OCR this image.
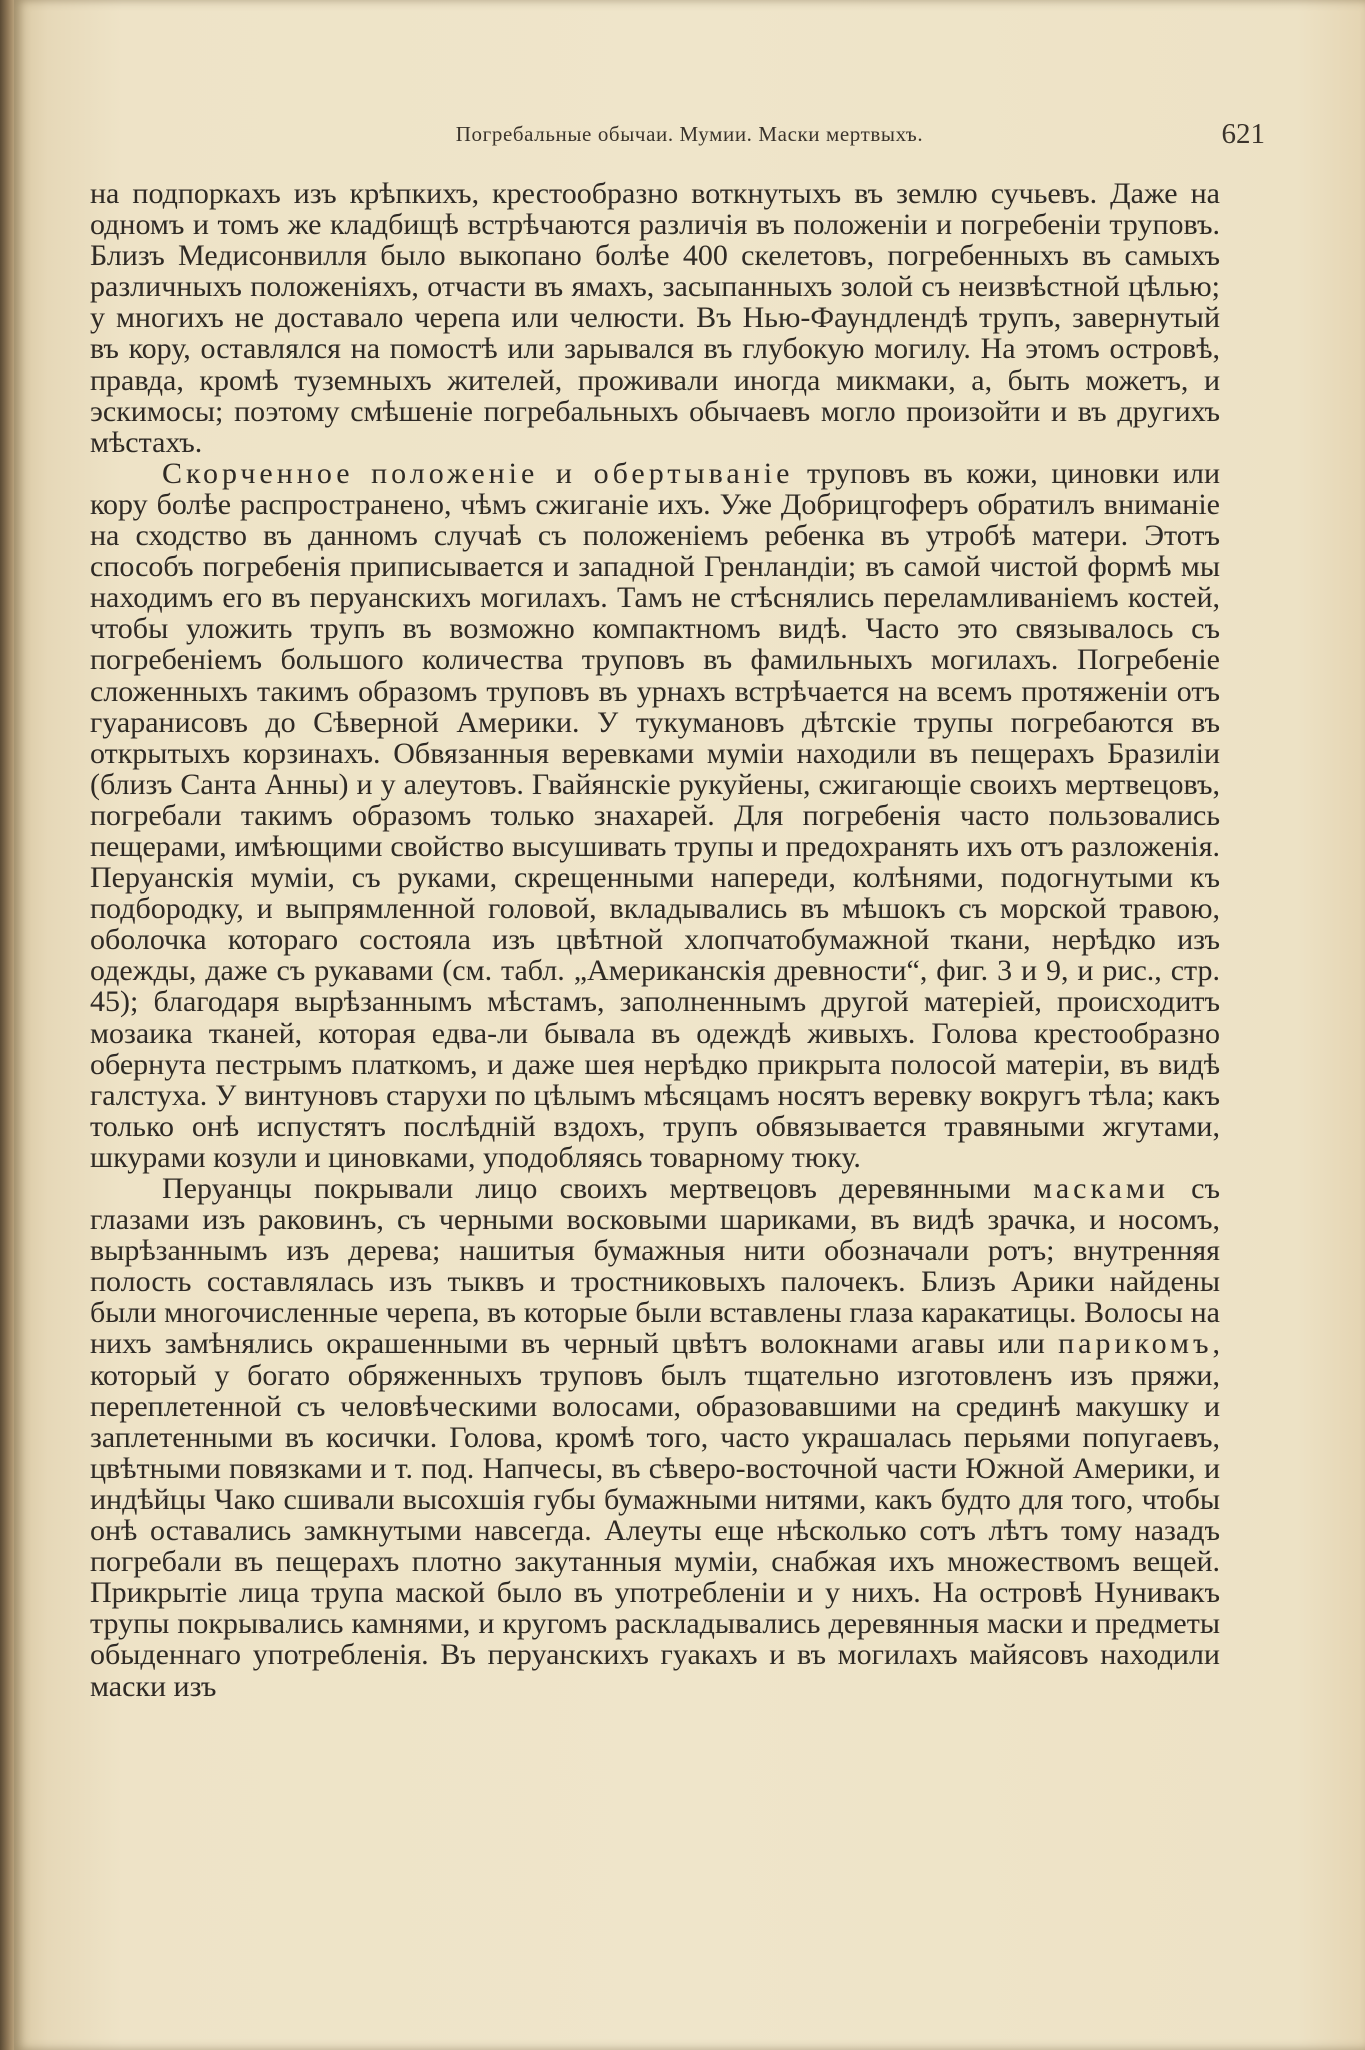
Погребальные обычаи. Мумии. Маски мертвыхъ.	621

на подпоркахъ изъ крѣпкихъ, крестообразно воткнутыхъ въ землю сучьевъ. Даже на одномъ и томъ же кладбищѣ встрѣчаются различія въ положеніи и погребеніи труповъ. Близъ Медисонвилля было выкопано болѣе 400 скелетовъ, погребенныхъ въ самыхъ различныхъ положеніяхъ, отчасти въ ямахъ, засыпанныхъ золой съ неизвѣстной цѣлью; у многихъ не доставало черепа или челюсти. Въ Нью-Фаундлендѣ трупъ, завернутый въ кору, оставлялся на помостѣ или зарывался въ глубокую могилу. На этомъ островѣ, правда, кромѣ туземныхъ жителей, проживали иногда микмаки, а, быть можетъ, и эскимосы; поэтому смѣшеніе погребальныхъ обычаевъ могло произойти и въ другихъ мѣстахъ.

Скорченное положеніе и обертываніе труповъ въ кожи, циновки или кору болѣе распространено, чѣмъ сжиганіе ихъ. Уже Добрицгоферъ обратилъ вниманіе на сходство въ данномъ случаѣ съ положеніемъ ребенка въ утробѣ матери. Этотъ способъ погребенія приписывается и западной Гренландіи; въ самой чистой формѣ мы находимъ его въ перуанскихъ могилахъ. Тамъ не стѣснялись переламливаніемъ костей, чтобы уложить трупъ въ возможно компактномъ видѣ. Часто это связывалось съ погребеніемъ большого количества труповъ въ фамильныхъ могилахъ. Погребеніе сложенныхъ такимъ образомъ труповъ въ урнахъ встрѣчается на всемъ протяженіи отъ гуаранисовъ до Сѣверной Америки. У тукумановъ дѣтскіе трупы погребаются въ открытыхъ корзинахъ. Обвязанныя веревками муміи находили въ пещерахъ Бразиліи (близъ Санта Анны) и у алеутовъ. Гвайянскіе рукуйены, сжигающіе своихъ мертвецовъ, погребали такимъ образомъ только знахарей. Для погребенія часто пользовались пещерами, имѣющими свойство высушивать трупы и предохранять ихъ отъ разложенія. Перуанскія муміи, съ руками, скрещенными напереди, колѣнями, подогнутыми къ подбородку, и выпрямленной головой, вкладывались въ мѣшокъ съ морской травою, оболочка котораго состояла изъ цвѣтной хлопчатобумажной ткани, нерѣдко изъ одежды, даже съ рукавами (см. табл. „Американскія древности“, фиг. 3 и 9, и рис., стр. 45); благодаря вырѣзаннымъ мѣстамъ, заполненнымъ другой матеріей, происходитъ мозаика тканей, которая едва-ли бывала въ одеждѣ живыхъ. Голова крестообразно обернута пестрымъ платкомъ, и даже шея нерѣдко прикрыта полосой матеріи, въ видѣ галстуха. У винтуновъ старухи по цѣлымъ мѣсяцамъ носятъ веревку вокругъ тѣла; какъ только онѣ испустятъ послѣдній вздохъ, трупъ обвязывается травяными жгутами, шкурами козули и циновками, уподобляясь товарному тюку.

Перуанцы покрывали лицо своихъ мертвецовъ деревянными масками съ глазами изъ раковинъ, съ черными восковыми шариками, въ видѣ зрачка, и носомъ, вырѣзаннымъ изъ дерева; нашитыя бумажныя нити обозначали ротъ; внутренняя полость составлялась изъ тыквъ и тростниковыхъ палочекъ. Близъ Арики найдены были многочисленные черепа, въ которые были вставлены глаза каракатицы. Волосы на нихъ замѣнялись окрашенными въ черный цвѣтъ волокнами агавы или парикомъ, который у богато обряженныхъ труповъ былъ тщательно изготовленъ изъ пряжи, переплетенной съ человѣческими волосами, образовавшими на срединѣ макушку и заплетенными въ косички. Голова, кромѣ того, часто украшалась перьями попугаевъ, цвѣтными повязками и т. под. Напчесы, въ сѣверо-восточной части Южной Америки, и индѣйцы Чако сшивали высохшія губы бумажными нитями, какъ будто для того, чтобы онѣ оставались замкнутыми навсегда. Алеуты еще нѣсколько сотъ лѣтъ тому назадъ погребали въ пещерахъ плотно закутанныя муміи, снабжая ихъ множествомъ вещей. Прикрытіе лица трупа маской было въ употребленіи и у нихъ. На островѣ Нунивакъ трупы покрывались камнями, и кругомъ раскладывались деревянныя маски и предметы обыденнаго употребленія. Въ перуанскихъ гуакахъ и въ могилахъ майясовъ находили маски изъ
